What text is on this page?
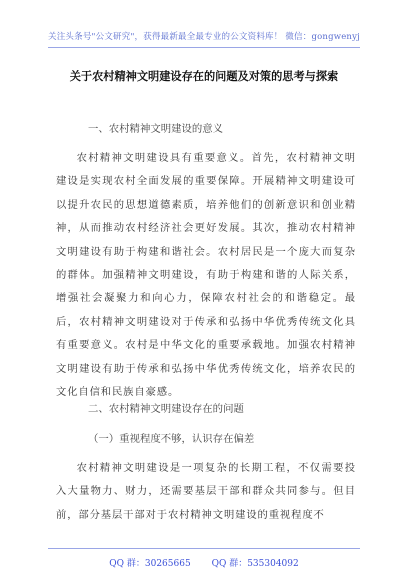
关注头条号"公文研究"，获得最新最全最专业的公文资料库！ 微信：gongwenyj
关于农村精神文明建设存在的问题及对策的思考与探索
一、农村精神文明建设的意义

农村精神文明建设具有重要意义。首先，农村精神文明建设是实现农村全面发展的重要保障。开展精神文明建设可以提升农民的思想道德素质，培养他们的创新意识和创业精神，从而推动农村经济社会更好发展。其次，推动农村精神文明建设有助于构建和谐社会。农村居民是一个庞大而复杂的群体。加强精神文明建设，有助于构建和谐的人际关系，增强社会凝聚力和向心力，保障农村社会的和谐稳定。最后，农村精神文明建设对于传承和弘扬中华优秀传统文化具有重要意义。农村是中华文化的重要承载地。加强农村精神文明建设有助于传承和弘扬中华优秀传统文化，培养农民的文化自信和民族自豪感。

二、农村精神文明建设存在的问题
（一）重视程度不够，认识存在偏差

农村精神文明建设是一项复杂的长期工程，不仅需要投入大量物力、财力，还需要基层干部和群众共同参与。但目前，部分基层干部对于农村精神文明建设的重视程度不

QQ 群：30265665 QQ 群：535304092
